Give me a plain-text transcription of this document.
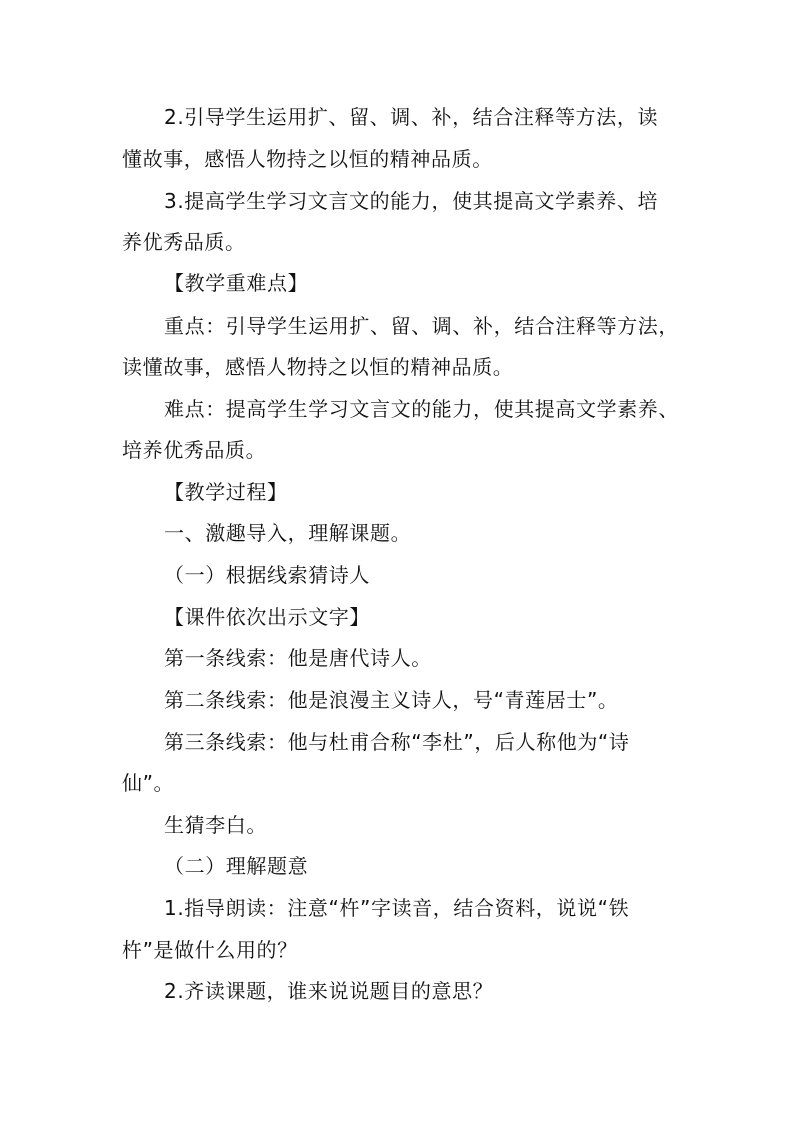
2.引导学生运用扩、留、调、补，结合注释等方法，读
懂故事，感悟人物持之以恒的精神品质。
3.提高学生学习文言文的能力，使其提高文学素养、培
养优秀品质。
【教学重难点】
重点：引导学生运用扩、留、调、补，结合注释等方法，
读懂故事，感悟人物持之以恒的精神品质。
难点：提高学生学习文言文的能力，使其提高文学素养、
培养优秀品质。
【教学过程】
一、激趣导入，理解课题。
（一）根据线索猜诗人
【课件依次出示文字】
第一条线索：他是唐代诗人。
第二条线索：他是浪漫主义诗人，号“青莲居士”。
第三条线索：他与杜甫合称“李杜”，后人称他为“诗
仙”。
生猜李白。
（二）理解题意
1.指导朗读：注意“杵”字读音，结合资料，说说“铁
杵”是做什么用的？
2.齐读课题，谁来说说题目的意思？
